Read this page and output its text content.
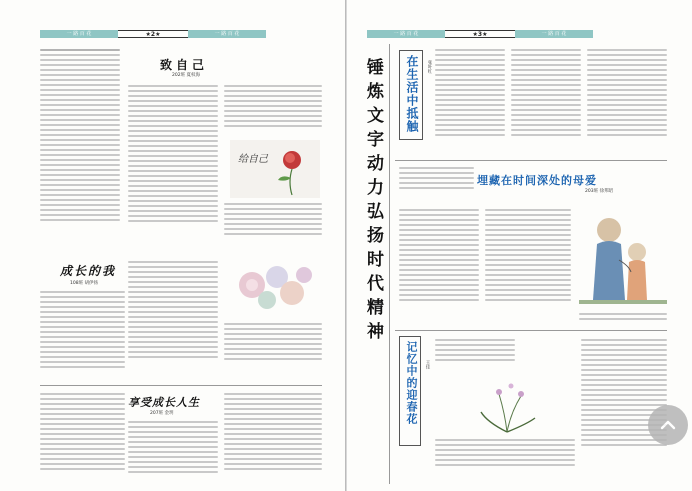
一 路 百 花	★2★	一 路 百 花
致自己
202班 夏权海
给自己
成长的我
108班 胡伊扬
享受成长人生
207班 金玥
一 路 百 花	★3★	一 路 百 花
锤炼文字动力弘扬时代精神 在生活中抵触	张叶红
埋藏在时间深处的母爱
203班 徐邦昭
记忆中的迎春花 王佳
